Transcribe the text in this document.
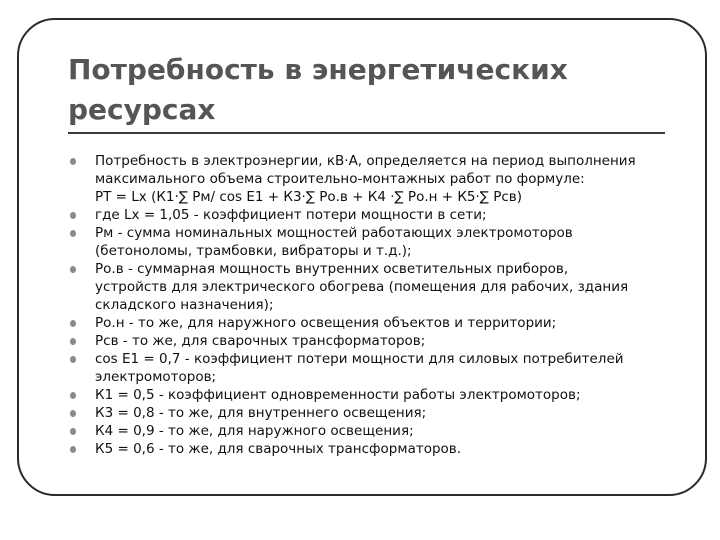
Потребность в энергетических
ресурсах
Потребность в электроэнергии, кВ·А, определяется на период выполнения
максимального объема строительно-монтажных работ по формуле:
РТ = Lх (К1·∑ Рм/ cos Е1 + К3·∑ Ро.в + К4 ·∑ Ро.н + К5·∑ Рсв)
где Lх = 1,05 - коэффициент потери мощности в сети;
Рм - сумма номинальных мощностей работающих электромоторов
(бетоноломы, трамбовки, вибраторы и т.д.);
Ро.в - суммарная мощность внутренних осветительных приборов,
устройств для электрического обогрева (помещения для рабочих, здания
складского назначения);
Ро.н - то же, для наружного освещения объектов и территории;
Рсв - то же, для сварочных трансформаторов;
cos Е1 = 0,7 - коэффициент потери мощности для силовых потребителей
электромоторов;
К1 = 0,5 - коэффициент одновременности работы электромоторов;
К3 = 0,8 - то же, для внутреннего освещения;
К4 = 0,9 - то же, для наружного освещения;
К5 = 0,6 - то же, для сварочных трансформаторов.
